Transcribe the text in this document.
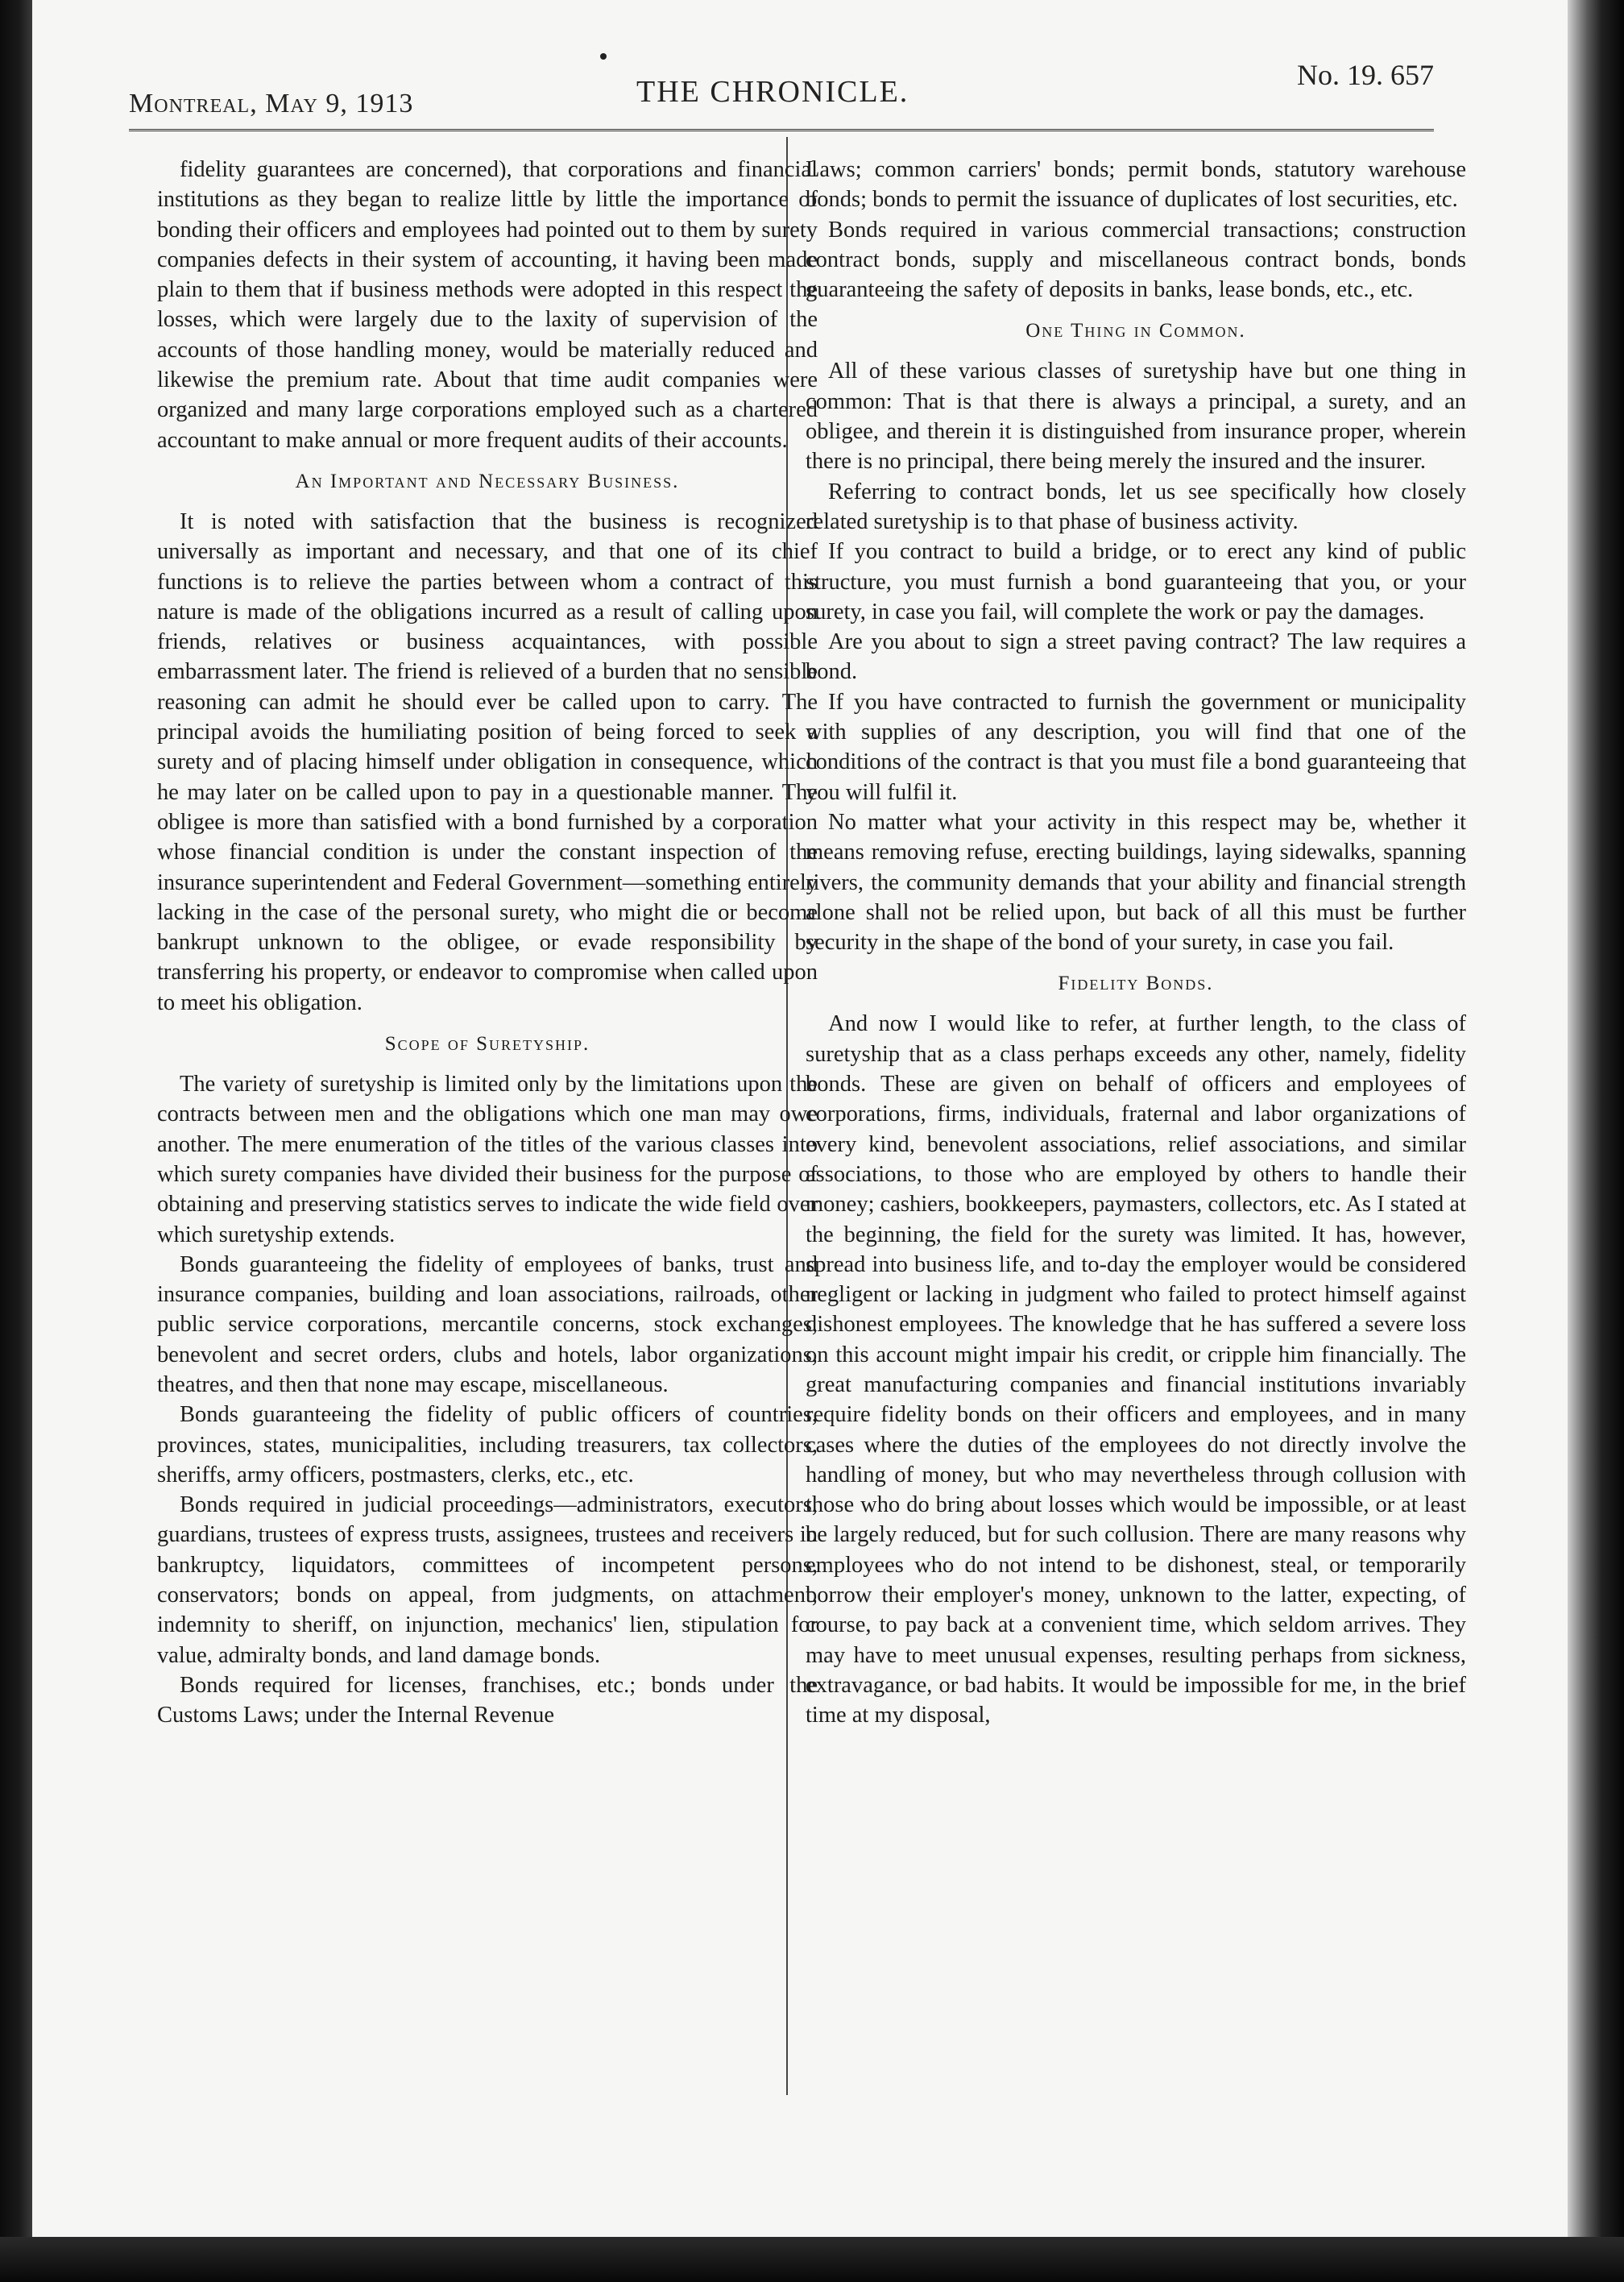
Montreal, May 9, 1913	THE CHRONICLE.	No. 19. 657

fidelity guarantees are concerned), that corporations and financial institutions as they began to realize little by little the importance of bonding their officers and employees had pointed out to them by surety companies defects in their system of accounting, it having been made plain to them that if business methods were adopted in this respect the losses, which were largely due to the laxity of supervision of the accounts of those handling money, would be materially reduced and likewise the premium rate. About that time audit companies were organized and many large corporations employed such as a chartered accountant to make annual or more frequent audits of their accounts.

An Important and Necessary Business.

It is noted with satisfaction that the business is recognized universally as important and necessary, and that one of its chief functions is to relieve the parties between whom a contract of this nature is made of the obligations incurred as a result of calling upon friends, relatives or business acquaintances, with possible embarrassment later. The friend is relieved of a burden that no sensible reasoning can admit he should ever be called upon to carry. The principal avoids the humiliating position of being forced to seek a surety and of placing himself under obligation in consequence, which he may later on be called upon to pay in a questionable manner. The obligee is more than satisfied with a bond furnished by a corporation whose financial condition is under the constant inspection of the insurance superintendent and Federal Government—something entirely lacking in the case of the personal surety, who might die or become bankrupt unknown to the obligee, or evade responsibility by transferring his property, or endeavor to compromise when called upon to meet his obligation.

Scope of Suretyship.

The variety of suretyship is limited only by the limitations upon the contracts between men and the obligations which one man may owe another. The mere enumeration of the titles of the various classes into which surety companies have divided their business for the purpose of obtaining and preserving statistics serves to indicate the wide field over which suretyship extends.

Bonds guaranteeing the fidelity of employees of banks, trust and insurance companies, building and loan associations, railroads, other public service corporations, mercantile concerns, stock exchanges, benevolent and secret orders, clubs and hotels, labor organizations, theatres, and then that none may escape, miscellaneous.

Bonds guaranteeing the fidelity of public officers of countries, provinces, states, municipalities, including treasurers, tax collectors, sheriffs, army officers, postmasters, clerks, etc., etc.

Bonds required in judicial proceedings—administrators, executors, guardians, trustees of express trusts, assignees, trustees and receivers in bankruptcy, liquidators, committees of incompetent persons, conservators; bonds on appeal, from judgments, on attachment, indemnity to sheriff, on injunction, mechanics' lien, stipulation for value, admiralty bonds, and land damage bonds.

Bonds required for licenses, franchises, etc.; bonds under the Customs Laws; under the Internal Revenue

Laws; common carriers' bonds; permit bonds, statutory warehouse bonds; bonds to permit the issuance of duplicates of lost securities, etc.

Bonds required in various commercial transactions; construction contract bonds, supply and miscellaneous contract bonds, bonds guaranteeing the safety of deposits in banks, lease bonds, etc., etc.

One Thing in Common.

All of these various classes of suretyship have but one thing in common: That is that there is always a principal, a surety, and an obligee, and therein it is distinguished from insurance proper, wherein there is no principal, there being merely the insured and the insurer.

Referring to contract bonds, let us see specifically how closely related suretyship is to that phase of business activity.

If you contract to build a bridge, or to erect any kind of public structure, you must furnish a bond guaranteeing that you, or your surety, in case you fail, will complete the work or pay the damages.

Are you about to sign a street paving contract? The law requires a bond.

If you have contracted to furnish the government or municipality with supplies of any description, you will find that one of the conditions of the contract is that you must file a bond guaranteeing that you will fulfil it.

No matter what your activity in this respect may be, whether it means removing refuse, erecting buildings, laying sidewalks, spanning rivers, the community demands that your ability and financial strength alone shall not be relied upon, but back of all this must be further security in the shape of the bond of your surety, in case you fail.

Fidelity Bonds.

And now I would like to refer, at further length, to the class of suretyship that as a class perhaps exceeds any other, namely, fidelity bonds. These are given on behalf of officers and employees of corporations, firms, individuals, fraternal and labor organizations of every kind, benevolent associations, relief associations, and similar associations, to those who are employed by others to handle their money; cashiers, bookkeepers, paymasters, collectors, etc. As I stated at the beginning, the field for the surety was limited. It has, however, spread into business life, and to-day the employer would be considered negligent or lacking in judgment who failed to protect himself against dishonest employees. The knowledge that he has suffered a severe loss on this account might impair his credit, or cripple him financially. The great manufacturing companies and financial institutions invariably require fidelity bonds on their officers and employees, and in many cases where the duties of the employees do not directly involve the handling of money, but who may nevertheless through collusion with those who do bring about losses which would be impossible, or at least be largely reduced, but for such collusion. There are many reasons why employees who do not intend to be dishonest, steal, or temporarily borrow their employer's money, unknown to the latter, expecting, of course, to pay back at a convenient time, which seldom arrives. They may have to meet unusual expenses, resulting perhaps from sickness, extravagance, or bad habits. It would be impossible for me, in the brief time at my disposal,
